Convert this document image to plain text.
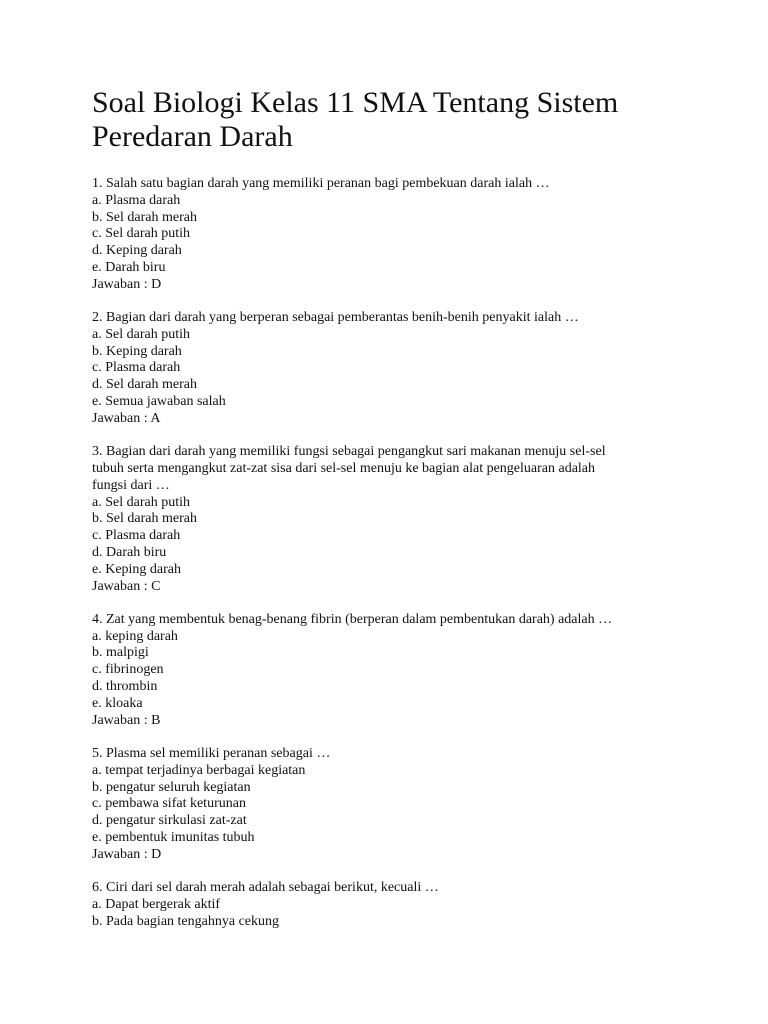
Soal Biologi Kelas 11 SMA Tentang Sistem
Peredaran Darah
1. Salah satu bagian darah yang memiliki peranan bagi pembekuan darah ialah …
a. Plasma darah
b. Sel darah merah
c. Sel darah putih
d. Keping darah
e. Darah biru
Jawaban : D
2. Bagian dari darah yang berperan sebagai pemberantas benih-benih penyakit ialah …
a. Sel darah putih
b. Keping darah
c. Plasma darah
d. Sel darah merah
e. Semua jawaban salah
Jawaban : A
3. Bagian dari darah yang memiliki fungsi sebagai pengangkut sari makanan menuju sel-sel
tubuh serta mengangkut zat-zat sisa dari sel-sel menuju ke bagian alat pengeluaran adalah
fungsi dari …
a. Sel darah putih
b. Sel darah merah
c. Plasma darah
d. Darah biru
e. Keping darah
Jawaban : C
4. Zat yang membentuk benag-benang fibrin (berperan dalam pembentukan darah) adalah …
a. keping darah
b. malpigi
c. fibrinogen
d. thrombin
e. kloaka
Jawaban : B
5. Plasma sel memiliki peranan sebagai …
a. tempat terjadinya berbagai kegiatan
b. pengatur seluruh kegiatan
c. pembawa sifat keturunan
d. pengatur sirkulasi zat-zat
e. pembentuk imunitas tubuh
Jawaban : D
6. Ciri dari sel darah merah adalah sebagai berikut, kecuali …
a. Dapat bergerak aktif
b. Pada bagian tengahnya cekung
